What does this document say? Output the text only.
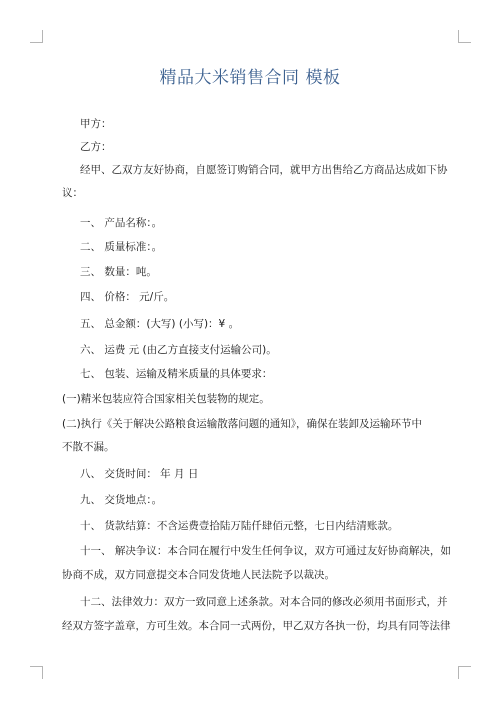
精品大米销售合同 模板
甲方：
乙方：
经甲、乙双方友好协商，自愿签订购销合同，就甲方出售给乙方商品达成如下协
议：
一、 产品名称：。
二、 质量标准：。
三、 数量：吨。
四、 价格： 元/斤。
五、 总金额：(大写) (小写)：¥ 。
六、 运费 元 (由乙方直接支付运输公司)。
七、 包装、运输及精米质量的具体要求：
(一)精米包装应符合国家相关包装物的规定。
(二)执行《关于解决公路粮食运输散落问题的通知》，确保在装卸及运输环节中
不散不漏。
八、 交货时间： 年 月 日
九、 交货地点：。
十、 货款结算：不含运费壹拾陆万陆仟肆佰元整，七日内结清账款。
十一、 解决争议：本合同在履行中发生任何争议，双方可通过友好协商解决，如
协商不成，双方同意提交本合同发货地人民法院予以裁决。
十二、法律效力：双方一致同意上述条款。对本合同的修改必须用书面形式，并
经双方签字盖章，方可生效。本合同一式两份，甲乙双方各执一份，均具有同等法律
